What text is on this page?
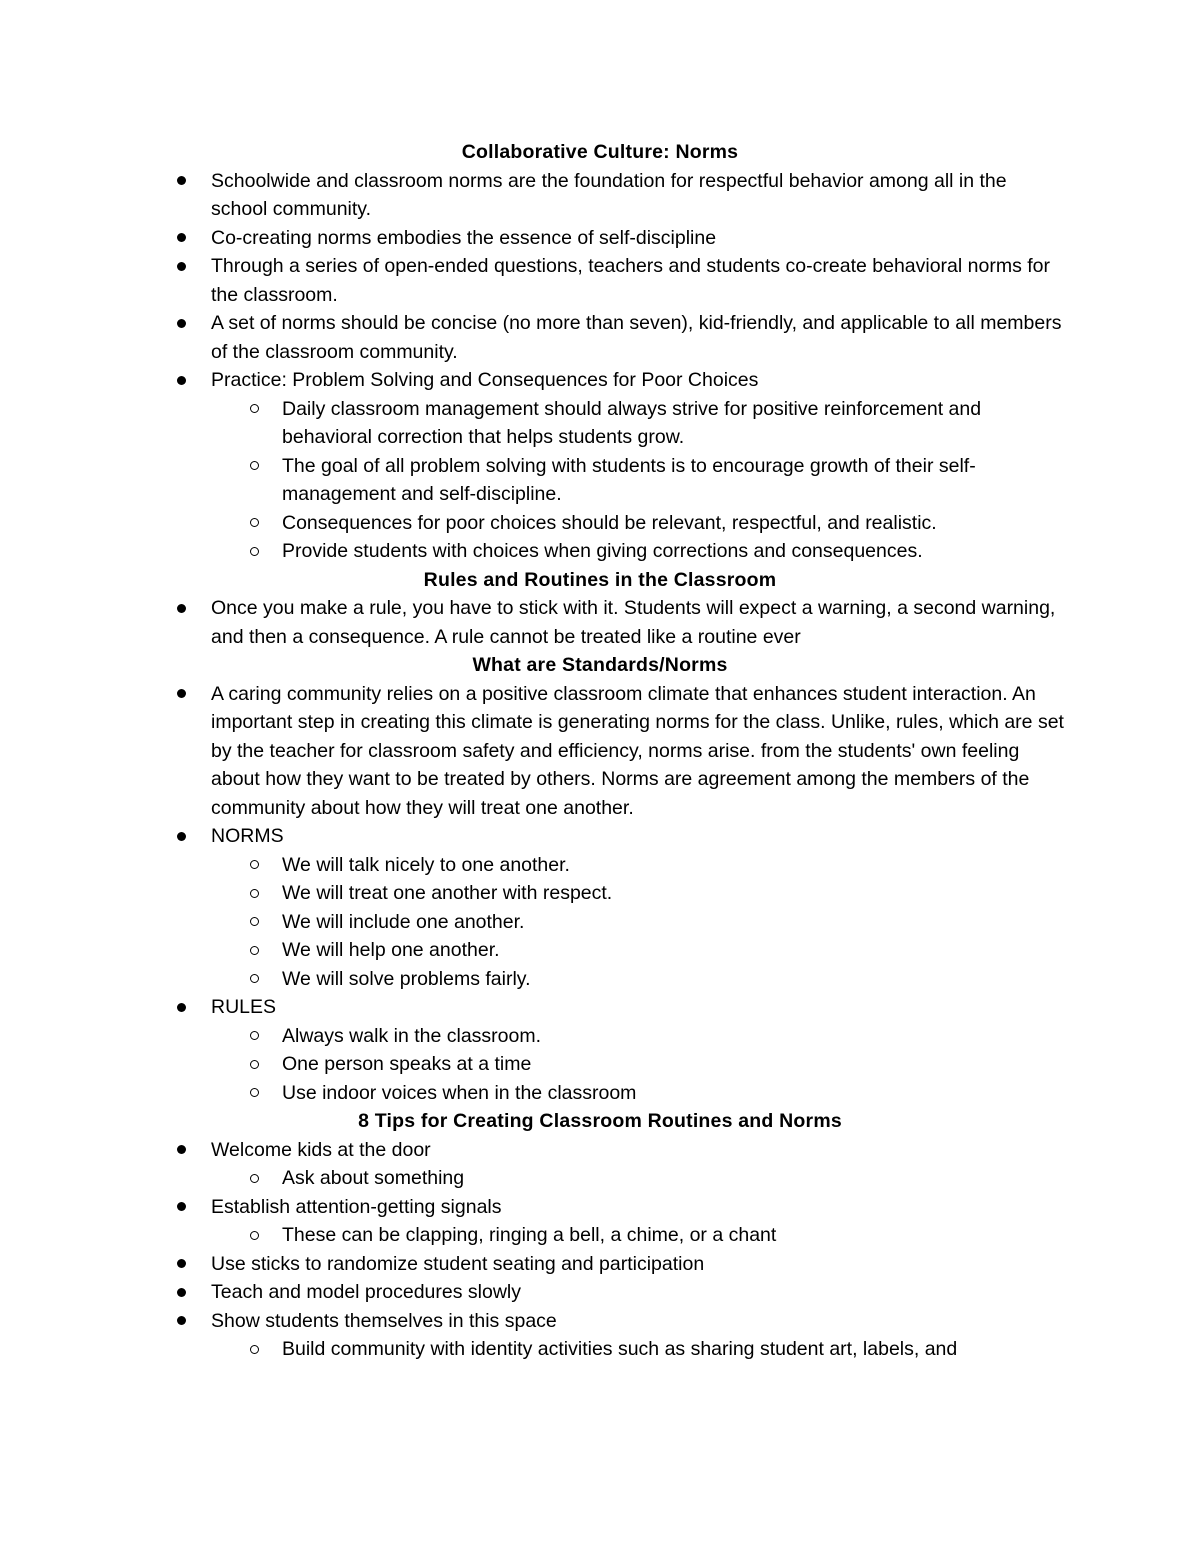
Collaborative Culture: Norms
Schoolwide and classroom norms are the foundation for respectful behavior among all in the school community.
Co-creating norms embodies the essence of self-discipline
Through a series of open-ended questions, teachers and students co-create behavioral norms for the classroom.
A set of norms should be concise (no more than seven), kid-friendly, and applicable to all members of the classroom community.
Practice: Problem Solving and Consequences for Poor Choices
Daily classroom management should always strive for positive reinforcement and behavioral correction that helps students grow.
The goal of all problem solving with students is to encourage growth of their self-management and self-discipline.
Consequences for poor choices should be relevant, respectful, and realistic.
Provide students with choices when giving corrections and consequences.
Rules and Routines in the Classroom
Once you make a rule, you have to stick with it. Students will expect a warning, a second warning, and then a consequence. A rule cannot be treated like a routine ever
What are Standards/Norms
A caring community relies on a positive classroom climate that enhances student interaction. An important step in creating this climate is generating norms for the class. Unlike, rules, which are set by the teacher for classroom safety and efficiency, norms arise. from the students' own feeling about how they want to be treated by others. Norms are agreement among the members of the community about how they will treat one another.
NORMS
We will talk nicely to one another.
We will treat one another with respect.
We will include one another.
We will help one another.
We will solve problems fairly.
RULES
Always walk in the classroom.
One person speaks at a time
Use indoor voices when in the classroom
8 Tips for Creating Classroom Routines and Norms
Welcome kids at the door
Ask about something
Establish attention-getting signals
These can be clapping, ringing a bell, a chime, or a chant
Use sticks to randomize student seating and participation
Teach and model procedures slowly
Show students themselves in this space
Build community with identity activities such as sharing student art, labels, and
